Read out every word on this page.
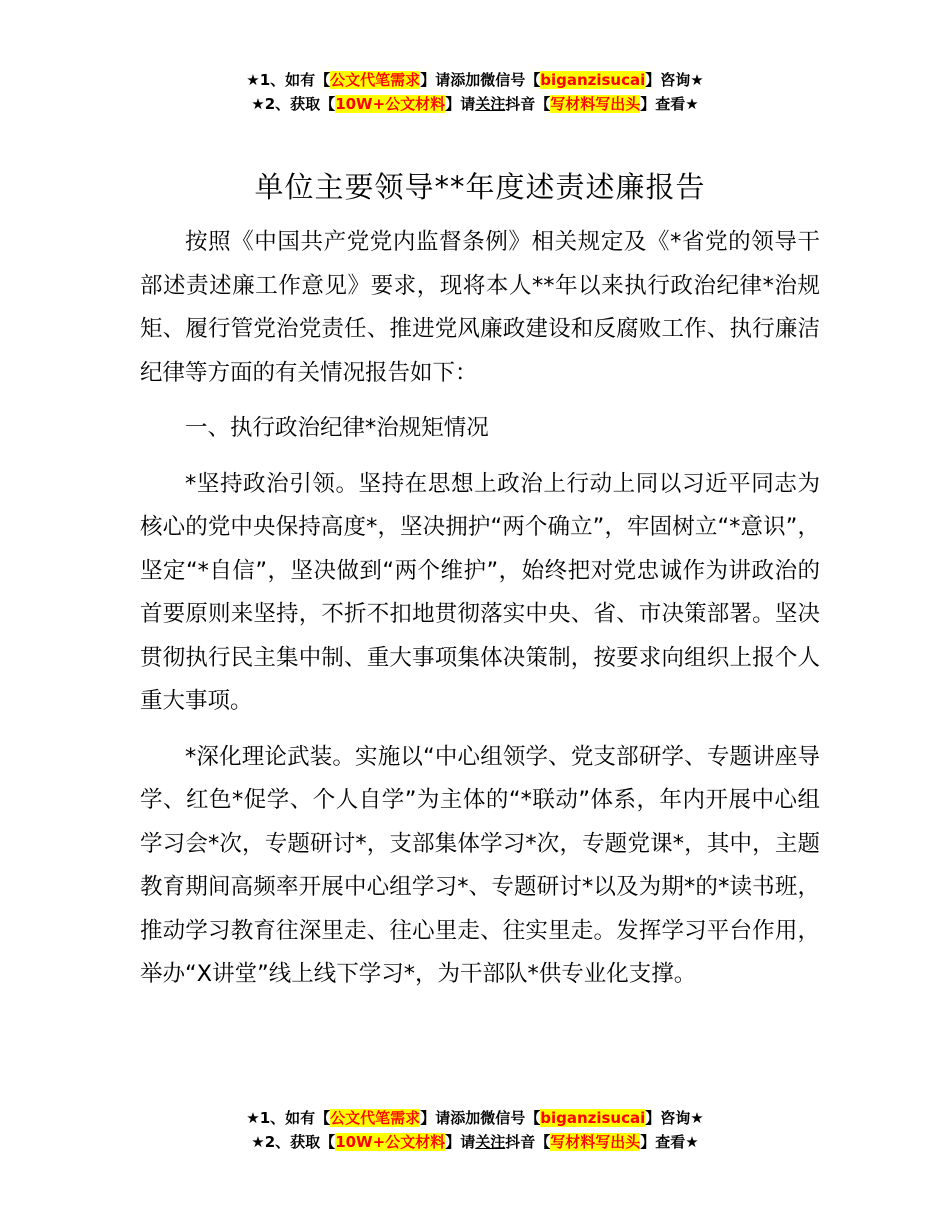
★1、如有【公文代笔需求】请添加微信号【biganzisucai】咨询★
★2、获取【10W+公文材料】请关注抖音【写材料写出头】查看★
单位主要领导**年度述责述廉报告

按照《中国共产党党内监督条例》相关规定及《*省党的领导干部述责述廉工作意见》要求，现将本人**年以来执行政治纪律*治规矩、履行管党治党责任、推进党风廉政建设和反腐败工作、执行廉洁纪律等方面的有关情况报告如下：

一、执行政治纪律*治规矩情况

*坚持政治引领。坚持在思想上政治上行动上同以习近平同志为核心的党中央保持高度*，坚决拥护“两个确立”，牢固树立“*意识”，坚定“*自信”，坚决做到“两个维护”，始终把对党忠诚作为讲政治的首要原则来坚持，不折不扣地贯彻落实中央、省、市决策部署。坚决贯彻执行民主集中制、重大事项集体决策制，按要求向组织上报个人重大事项。

*深化理论武装。实施以“中心组领学、党支部研学、专题讲座导学、红色*促学、个人自学”为主体的“*联动”体系，年内开展中心组学习会*次，专题研讨*，支部集体学习*次，专题党课*，其中，主题教育期间高频率开展中心组学习*、专题研讨*以及为期*的*读书班，推动学习教育往深里走、往心里走、往实里走。发挥学习平台作用，举办“X讲堂”线上线下学习*，为干部队*供专业化支撑。

★1、如有【公文代笔需求】请添加微信号【biganzisucai】咨询★
★2、获取【10W+公文材料】请关注抖音【写材料写出头】查看★
